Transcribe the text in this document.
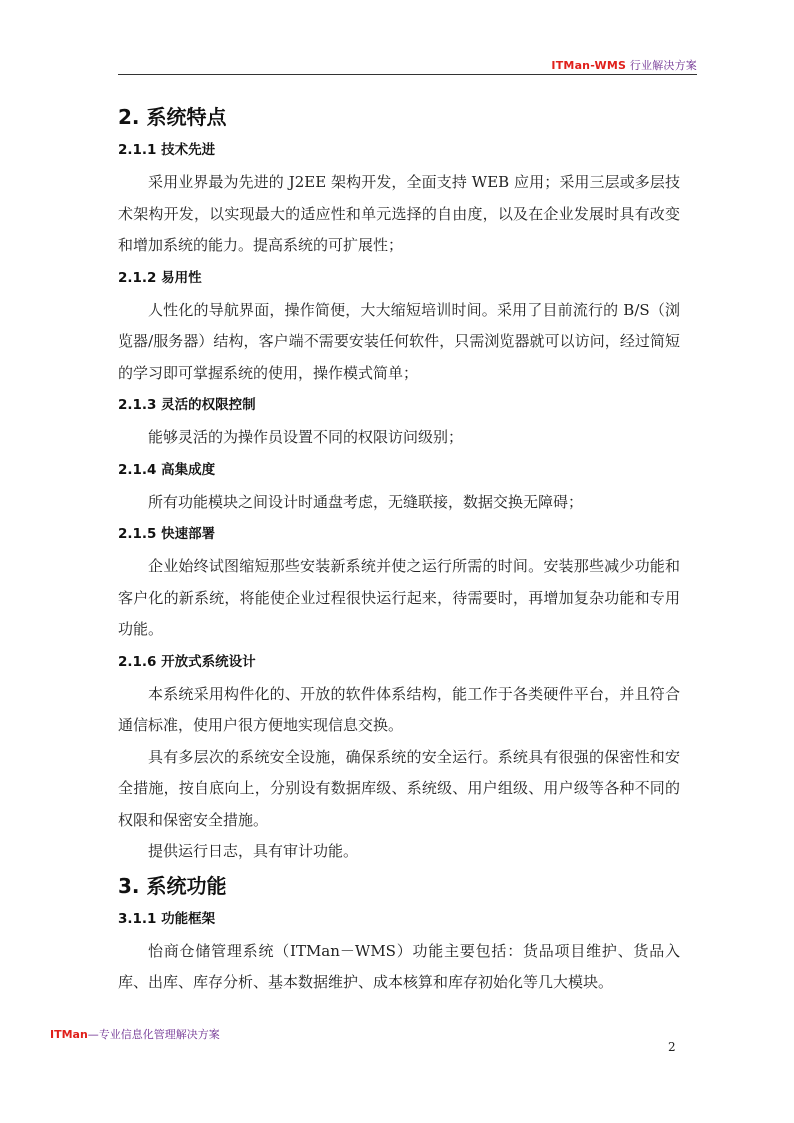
ITMan-WMS 行业解决方案
2. 系统特点
2.1.1 技术先进

采用业界最为先进的 J2EE 架构开发，全面支持 WEB 应用；采用三层或多层技术架构开发，以实现最大的适应性和单元选择的自由度，以及在企业发展时具有改变和增加系统的能力。提高系统的可扩展性；

2.1.2 易用性

人性化的导航界面，操作简便，大大缩短培训时间。采用了目前流行的 B/S（浏览器/服务器）结构，客户端不需要安装任何软件，只需浏览器就可以访问，经过简短的学习即可掌握系统的使用，操作模式简单；

2.1.3 灵活的权限控制

能够灵活的为操作员设置不同的权限访问级别；

2.1.4 高集成度

所有功能模块之间设计时通盘考虑，无缝联接，数据交换无障碍；

2.1.5 快速部署

企业始终试图缩短那些安装新系统并使之运行所需的时间。安装那些减少功能和客户化的新系统，将能使企业过程很快运行起来，待需要时，再增加复杂功能和专用功能。

2.1.6 开放式系统设计

本系统采用构件化的、开放的软件体系结构，能工作于各类硬件平台，并且符合通信标准，使用户很方便地实现信息交换。

具有多层次的系统安全设施，确保系统的安全运行。系统具有很强的保密性和安全措施，按自底向上，分别设有数据库级、系统级、用户组级、用户级等各种不同的权限和保密安全措施。

提供运行日志，具有审计功能。

3. 系统功能
3.1.1 功能框架

怡商仓储管理系统（ITMan－WMS）功能主要包括：货品项目维护、货品入库、出库、库存分析、基本数据维护、成本核算和库存初始化等几大模块。

ITMan—专业信息化管理解决方案
2
